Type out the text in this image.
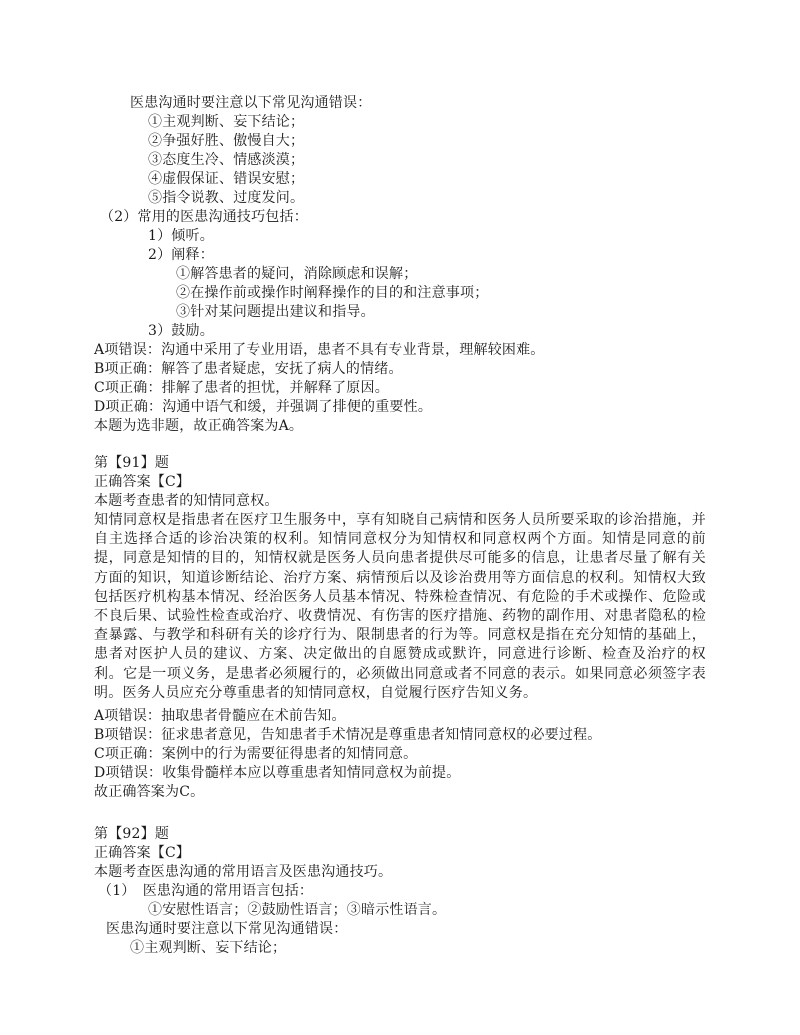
医患沟通时要注意以下常见沟通错误：
①主观判断、妄下结论；
②争强好胜、傲慢自大；
③态度生冷、情感淡漠；
④虚假保证、错误安慰；
⑤指令说教、过度发问。
（2）常用的医患沟通技巧包括：
1）倾听。
2）阐释：
①解答患者的疑问，消除顾虑和误解；
②在操作前或操作时阐释操作的目的和注意事项；
③针对某问题提出建议和指导。
3）鼓励。
A项错误：沟通中采用了专业用语，患者不具有专业背景，理解较困难。
B项正确：解答了患者疑虑，安抚了病人的情绪。
C项正确：排解了患者的担忧，并解释了原因。
D项正确：沟通中语气和缓，并强调了排便的重要性。
本题为选非题，故正确答案为A。
第【91】题
正确答案【C】
本题考查患者的知情同意权。
知情同意权是指患者在医疗卫生服务中，享有知晓自己病情和医务人员所要采取的诊治措施，并自主选择合适的诊治决策的权利。知情同意权分为知情权和同意权两个方面。知情是同意的前提，同意是知情的目的，知情权就是医务人员向患者提供尽可能多的信息，让患者尽量了解有关方面的知识，知道诊断结论、治疗方案、病情预后以及诊治费用等方面信息的权利。知情权大致包括医疗机构基本情况、经治医务人员基本情况、特殊检查情况、有危险的手术或操作、危险或不良后果、试验性检查或治疗、收费情况、有伤害的医疗措施、药物的副作用、对患者隐私的检查暴露、与教学和科研有关的诊疗行为、限制患者的行为等。同意权是指在充分知情的基础上，患者对医护人员的建议、方案、决定做出的自愿赞成或默许，同意进行诊断、检查及治疗的权利。它是一项义务，是患者必须履行的，必须做出同意或者不同意的表示。如果同意必须签字表明。医务人员应充分尊重患者的知情同意权，自觉履行医疗告知义务。
A项错误：抽取患者骨髓应在术前告知。
B项错误：征求患者意见，告知患者手术情况是尊重患者知情同意权的必要过程。
C项正确：案例中的行为需要征得患者的知情同意。
D项错误：收集骨髓样本应以尊重患者知情同意权为前提。
故正确答案为C。
第【92】题
正确答案【C】
本题考查医患沟通的常用语言及医患沟通技巧。
（1）　医患沟通的常用语言包括：
①安慰性语言；②鼓励性语言；③暗示性语言。
医患沟通时要注意以下常见沟通错误：
①主观判断、妄下结论；
